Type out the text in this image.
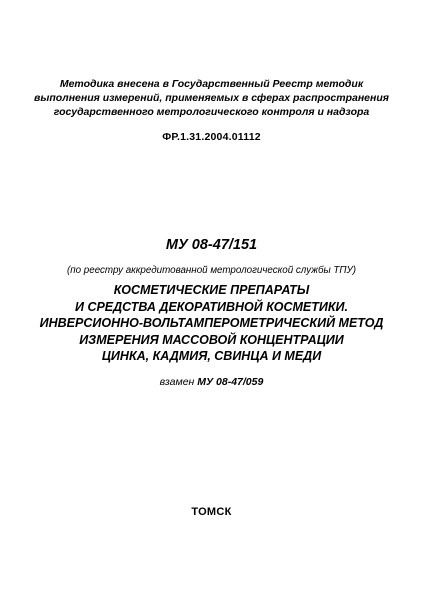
Методика внесена в Государственный Реестр методик
выполнения измерений, применяемых в сферах распространения
государственного метрологического контроля и надзора
ФР.1.31.2004.01112
МУ 08-47/151
(по реестру аккредитованной метрологической службы ТПУ)
КОСМЕТИЧЕСКИЕ ПРЕПАРАТЫ
И СРЕДСТВА ДЕКОРАТИВНОЙ КОСМЕТИКИ.
ИНВЕРСИОННО-ВОЛЬТАМПЕРОМЕТРИЧЕСКИЙ МЕТОД
ИЗМЕРЕНИЯ МАССОВОЙ КОНЦЕНТРАЦИИ
ЦИНКА, КАДМИЯ, СВИНЦА И МЕДИ
взамен МУ 08-47/059
ТОМСК
